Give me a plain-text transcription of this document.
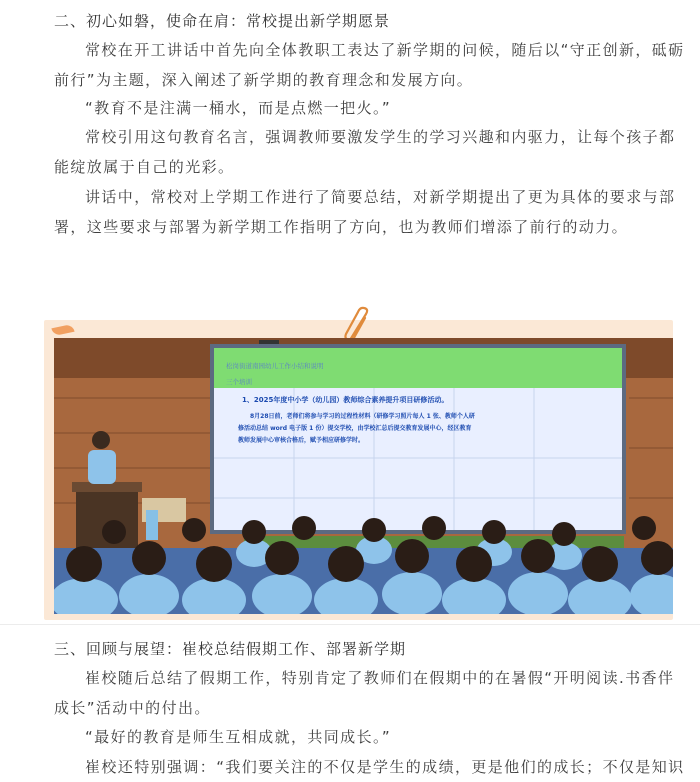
二、初心如磐，使命在肩：常校提出新学期愿景
常校在开工讲话中首先向全体教职工表达了新学期的问候，随后以“守正创新，砥砺
前行”为主题，深入阐述了新学期的教育理念和发展方向。
“教育不是注满一桶水，而是点燃一把火。”
常校引用这句教育名言，强调教师要激发学生的学习兴趣和内驱力，让每个孩子都
能绽放属于自己的光彩。
讲话中，常校对上学期工作进行了简要总结，对新学期提出了更为具体的要求与部
署，这些要求与部署为新学期工作指明了方向，也为教师们增添了前行的动力。
松岗街道南园幼儿工作小结和说明
三个培训
1、2025年度中小学（幼儿园）教师综合素养提升项目研修活动。
8月28日前，老师们将参与学习的过程性材料（研修学习照片每人 1 张、教师个人研
修活动总结 word 电子版 1 份）提交学校，由学校汇总后提交教育发展中心，经区教育
教师发展中心审核合格后，赋予相应研修学时。
三、回顾与展望：崔校总结假期工作、部署新学期
崔校随后总结了假期工作，特别肯定了教师们在假期中的在暑假“开明阅读.书香伴
成长”活动中的付出。
“最好的教育是师生互相成就，共同成长。”
崔校还特别强调：“我们要关注的不仅是学生的成绩，更是他们的成长；不仅是知识
